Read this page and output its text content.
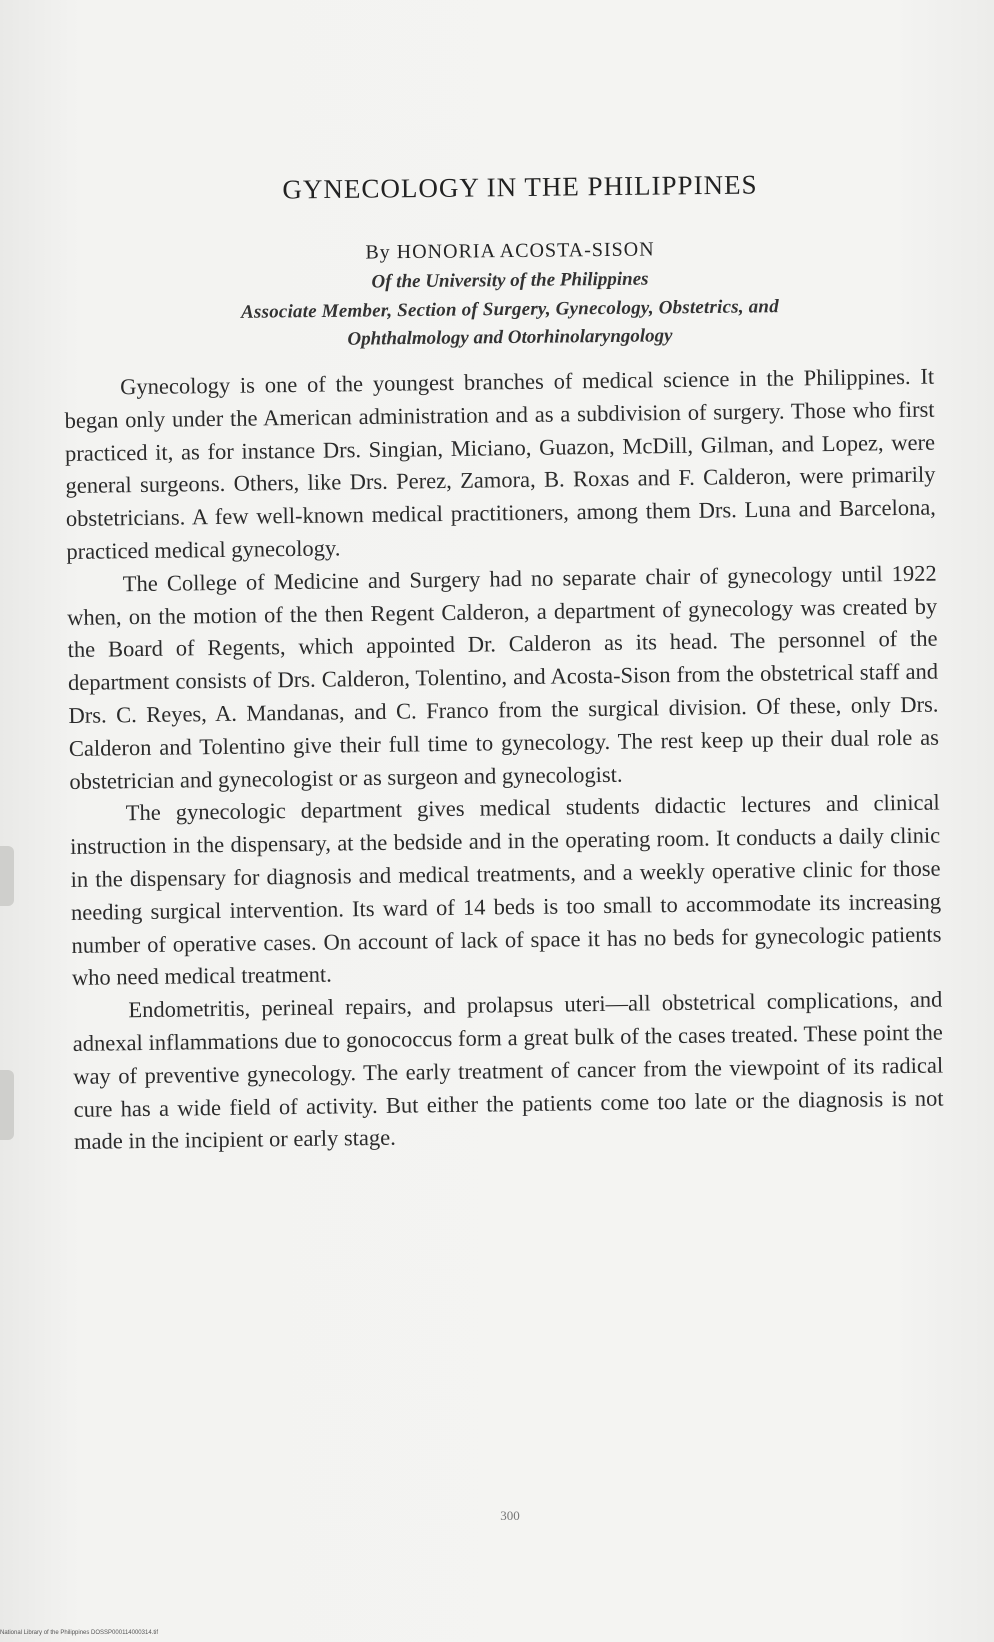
GYNECOLOGY IN THE PHILIPPINES
By HONORIA ACOSTA-SISON
Of the University of the Philippines
Associate Member, Section of Surgery, Gynecology, Obstetrics, and
Ophthalmology and Otorhinolaryngology

Gynecology is one of the youngest branches of medical science in the Philippines. It began only under the American administration and as a subdivision of surgery. Those who first practiced it, as for instance Drs. Singian, Miciano, Guazon, McDill, Gilman, and Lopez, were general surgeons. Others, like Drs. Perez, Zamora, B. Roxas and F. Calderon, were primarily obstetricians. A few well-known medical practitioners, among them Drs. Luna and Barcelona, practiced medical gynecology.

The College of Medicine and Surgery had no separate chair of gynecology until 1922 when, on the motion of the then Regent Calderon, a department of gynecology was created by the Board of Regents, which appointed Dr. Calderon as its head. The personnel of the department consists of Drs. Calderon, Tolentino, and Acosta-Sison from the obstetrical staff and Drs. C. Reyes, A. Mandanas, and C. Franco from the surgical division. Of these, only Drs. Calderon and Tolentino give their full time to gynecology. The rest keep up their dual role as obstetrician and gynecologist or as surgeon and gynecologist.

The gynecologic department gives medical students didactic lectures and clinical instruction in the dispensary, at the bedside and in the operating room. It conducts a daily clinic in the dispensary for diagnosis and medical treatments, and a weekly operative clinic for those needing surgical intervention. Its ward of 14 beds is too small to accommodate its increasing number of operative cases. On account of lack of space it has no beds for gynecologic patients who need medical treatment.

Endometritis, perineal repairs, and prolapsus uteri—all obstetrical complications, and adnexal inflammations due to gonococcus form a great bulk of the cases treated. These point the way of preventive gynecology. The early treatment of cancer from the viewpoint of its radical cure has a wide field of activity. But either the patients come too late or the diagnosis is not made in the incipient or early stage.

300
National Library of the Philippines DOSSP000114000314.tif
